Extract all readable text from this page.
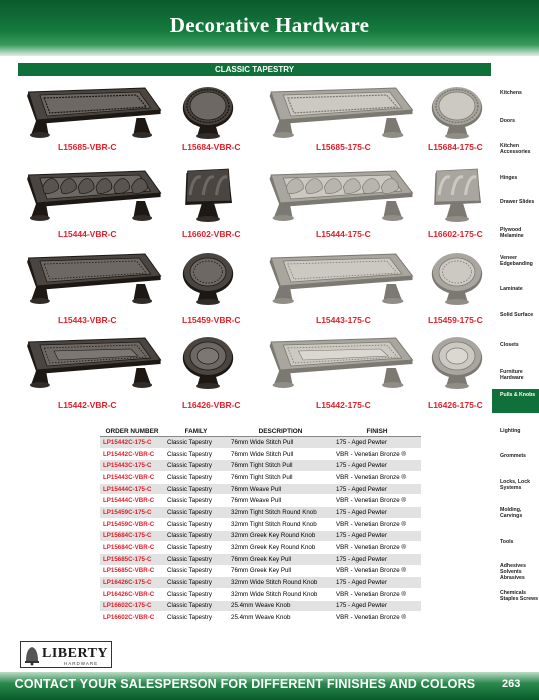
Decorative Hardware
CLASSIC TAPESTRY
L15685-VBR-C	L15684-VBR-C	L15685-175-C	L15684-175-C
L15444-VBR-C	L16602-VBR-C	L15444-175-C	L16602-175-C
L15443-VBR-C	L15459-VBR-C	L15443-175-C	L15459-175-C
L15442-VBR-C	L16426-VBR-C	L15442-175-C	L16426-175-C
Kitchens
Doors
Kitchen Accessories
Hinges
Drawer Slides
Plywood Melamine
Veneer Edgebanding
Laminate
Solid Surface
Closets
Furniture Hardware
Pulls & Knobs
Lighting
Grommets
Locks, Lock Systems
Molding, Carvings
Tools
Adhesives Solvents Abrasives
Chemicals Staples Screws
ORDER NUMBER	FAMILY	DESCRIPTION	FINISH
LP15442C-175-C	Classic Tapestry	76mm Wide Stitch Pull	175 - Aged Pewter
LP15442C-VBR-C	Classic Tapestry	76mm Wide Stitch Pull	VBR - Venetian Bronze ®
LP15443C-175-C	Classic Tapestry	76mm Tight Stitch Pull	175 - Aged Pewter
LP15443C-VBR-C	Classic Tapestry	76mm Tight Stitch Pull	VBR - Venetian Bronze ®
LP15444C-175-C	Classic Tapestry	76mm Weave Pull	175 - Aged Pewter
LP15444C-VBR-C	Classic Tapestry	76mm Weave Pull	VBR - Venetian Bronze ®
LP15459C-175-C	Classic Tapestry	32mm Tight Stitch Round Knob	175 - Aged Pewter
LP15459C-VBR-C	Classic Tapestry	32mm Tight Stitch Round Knob	VBR - Venetian Bronze ®
LP15684C-175-C	Classic Tapestry	32mm Greek Key Round Knob	175 - Aged Pewter
LP15684C-VBR-C	Classic Tapestry	32mm Greek Key Round Knob	VBR - Venetian Bronze ®
LP15685C-175-C	Classic Tapestry	76mm Greek Key Pull	175 - Aged Pewter
LP15685C-VBR-C	Classic Tapestry	76mm Greek Key Pull	VBR - Venetian Bronze ®
LP16426C-175-C	Classic Tapestry	32mm Wide Stitch Round Knob	175 - Aged Pewter
LP16426C-VBR-C	Classic Tapestry	32mm Wide Stitch Round Knob	VBR - Venetian Bronze ®
LP16602C-175-C	Classic Tapestry	25.4mm Weave Knob	175 - Aged Pewter
LP16602C-VBR-C	Classic Tapestry	25.4mm Weave Knob	VBR - Venetian Bronze ®
LIBERTY
HARDWARE
CONTACT YOUR SALESPERSON FOR DIFFERENT FINISHES AND COLORS	263
